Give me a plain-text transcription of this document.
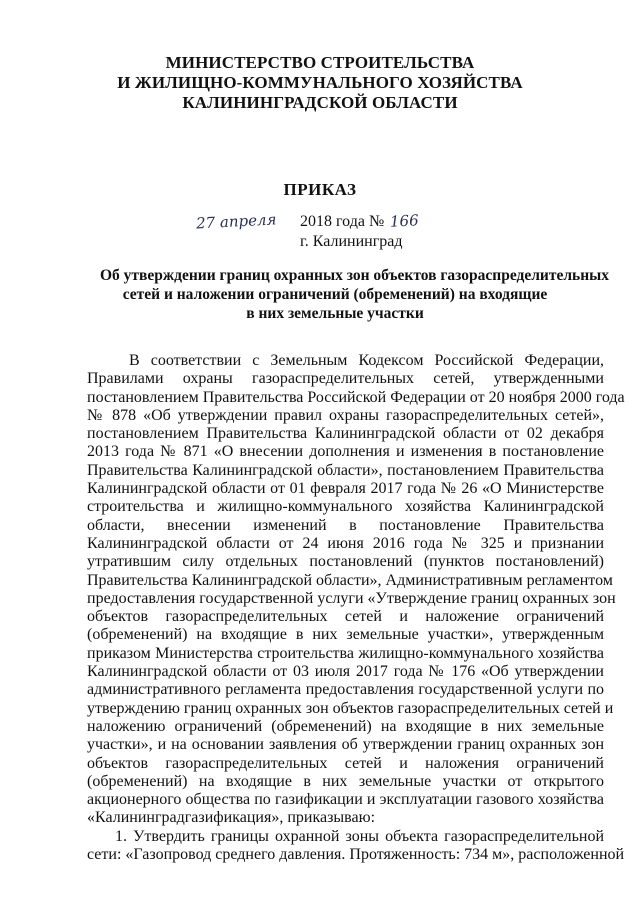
МИНИСТЕРСТВО СТРОИТЕЛЬСТВА
И ЖИЛИЩНО-КОММУНАЛЬНОГО ХОЗЯЙСТВА
КАЛИНИНГРАДСКОЙ ОБЛАСТИ
ПРИКАЗ
27 апреля 2018 года № 166
г. Калининград
Об утверждении границ охранных зон объектов газораспределительных
сетей и наложении ограничений (обременений) на входящие
в них земельные участки
В соответствии с Земельным Кодексом Российской Федерации,
Правилами охраны газораспределительных сетей, утвержденными
постановлением Правительства Российской Федерации от 20 ноября 2000 года
№ 878 «Об утверждении правил охраны газораспределительных сетей»,
постановлением Правительства Калининградской области от 02 декабря
2013 года № 871 «О внесении дополнения и изменения в постановление
Правительства Калининградской области», постановлением Правительства
Калининградской области от 01 февраля 2017 года № 26 «О Министерстве
строительства и жилищно-коммунального хозяйства Калининградской
области, внесении изменений в постановление Правительства
Калининградской области от 24 июня 2016 года № 325 и признании
утратившим силу отдельных постановлений (пунктов постановлений)
Правительства Калининградской области», Административным регламентом
предоставления государственной услуги «Утверждение границ охранных зон
объектов газораспределительных сетей и наложение ограничений
(обременений) на входящие в них земельные участки», утвержденным
приказом Министерства строительства жилищно-коммунального хозяйства
Калининградской области от 03 июля 2017 года № 176 «Об утверждении
административного регламента предоставления государственной услуги по
утверждению границ охранных зон объектов газораспределительных сетей и
наложению ограничений (обременений) на входящие в них земельные
участки», и на основании заявления об утверждении границ охранных зон
объектов газораспределительных сетей и наложения ограничений
(обременений) на входящие в них земельные участки от открытого
акционерного общества по газификации и эксплуатации газового хозяйства
«Калининградгазификация», приказываю:
1. Утвердить границы охранной зоны объекта газораспределительной
сети: «Газопровод среднего давления. Протяженность: 734 м», расположенной
